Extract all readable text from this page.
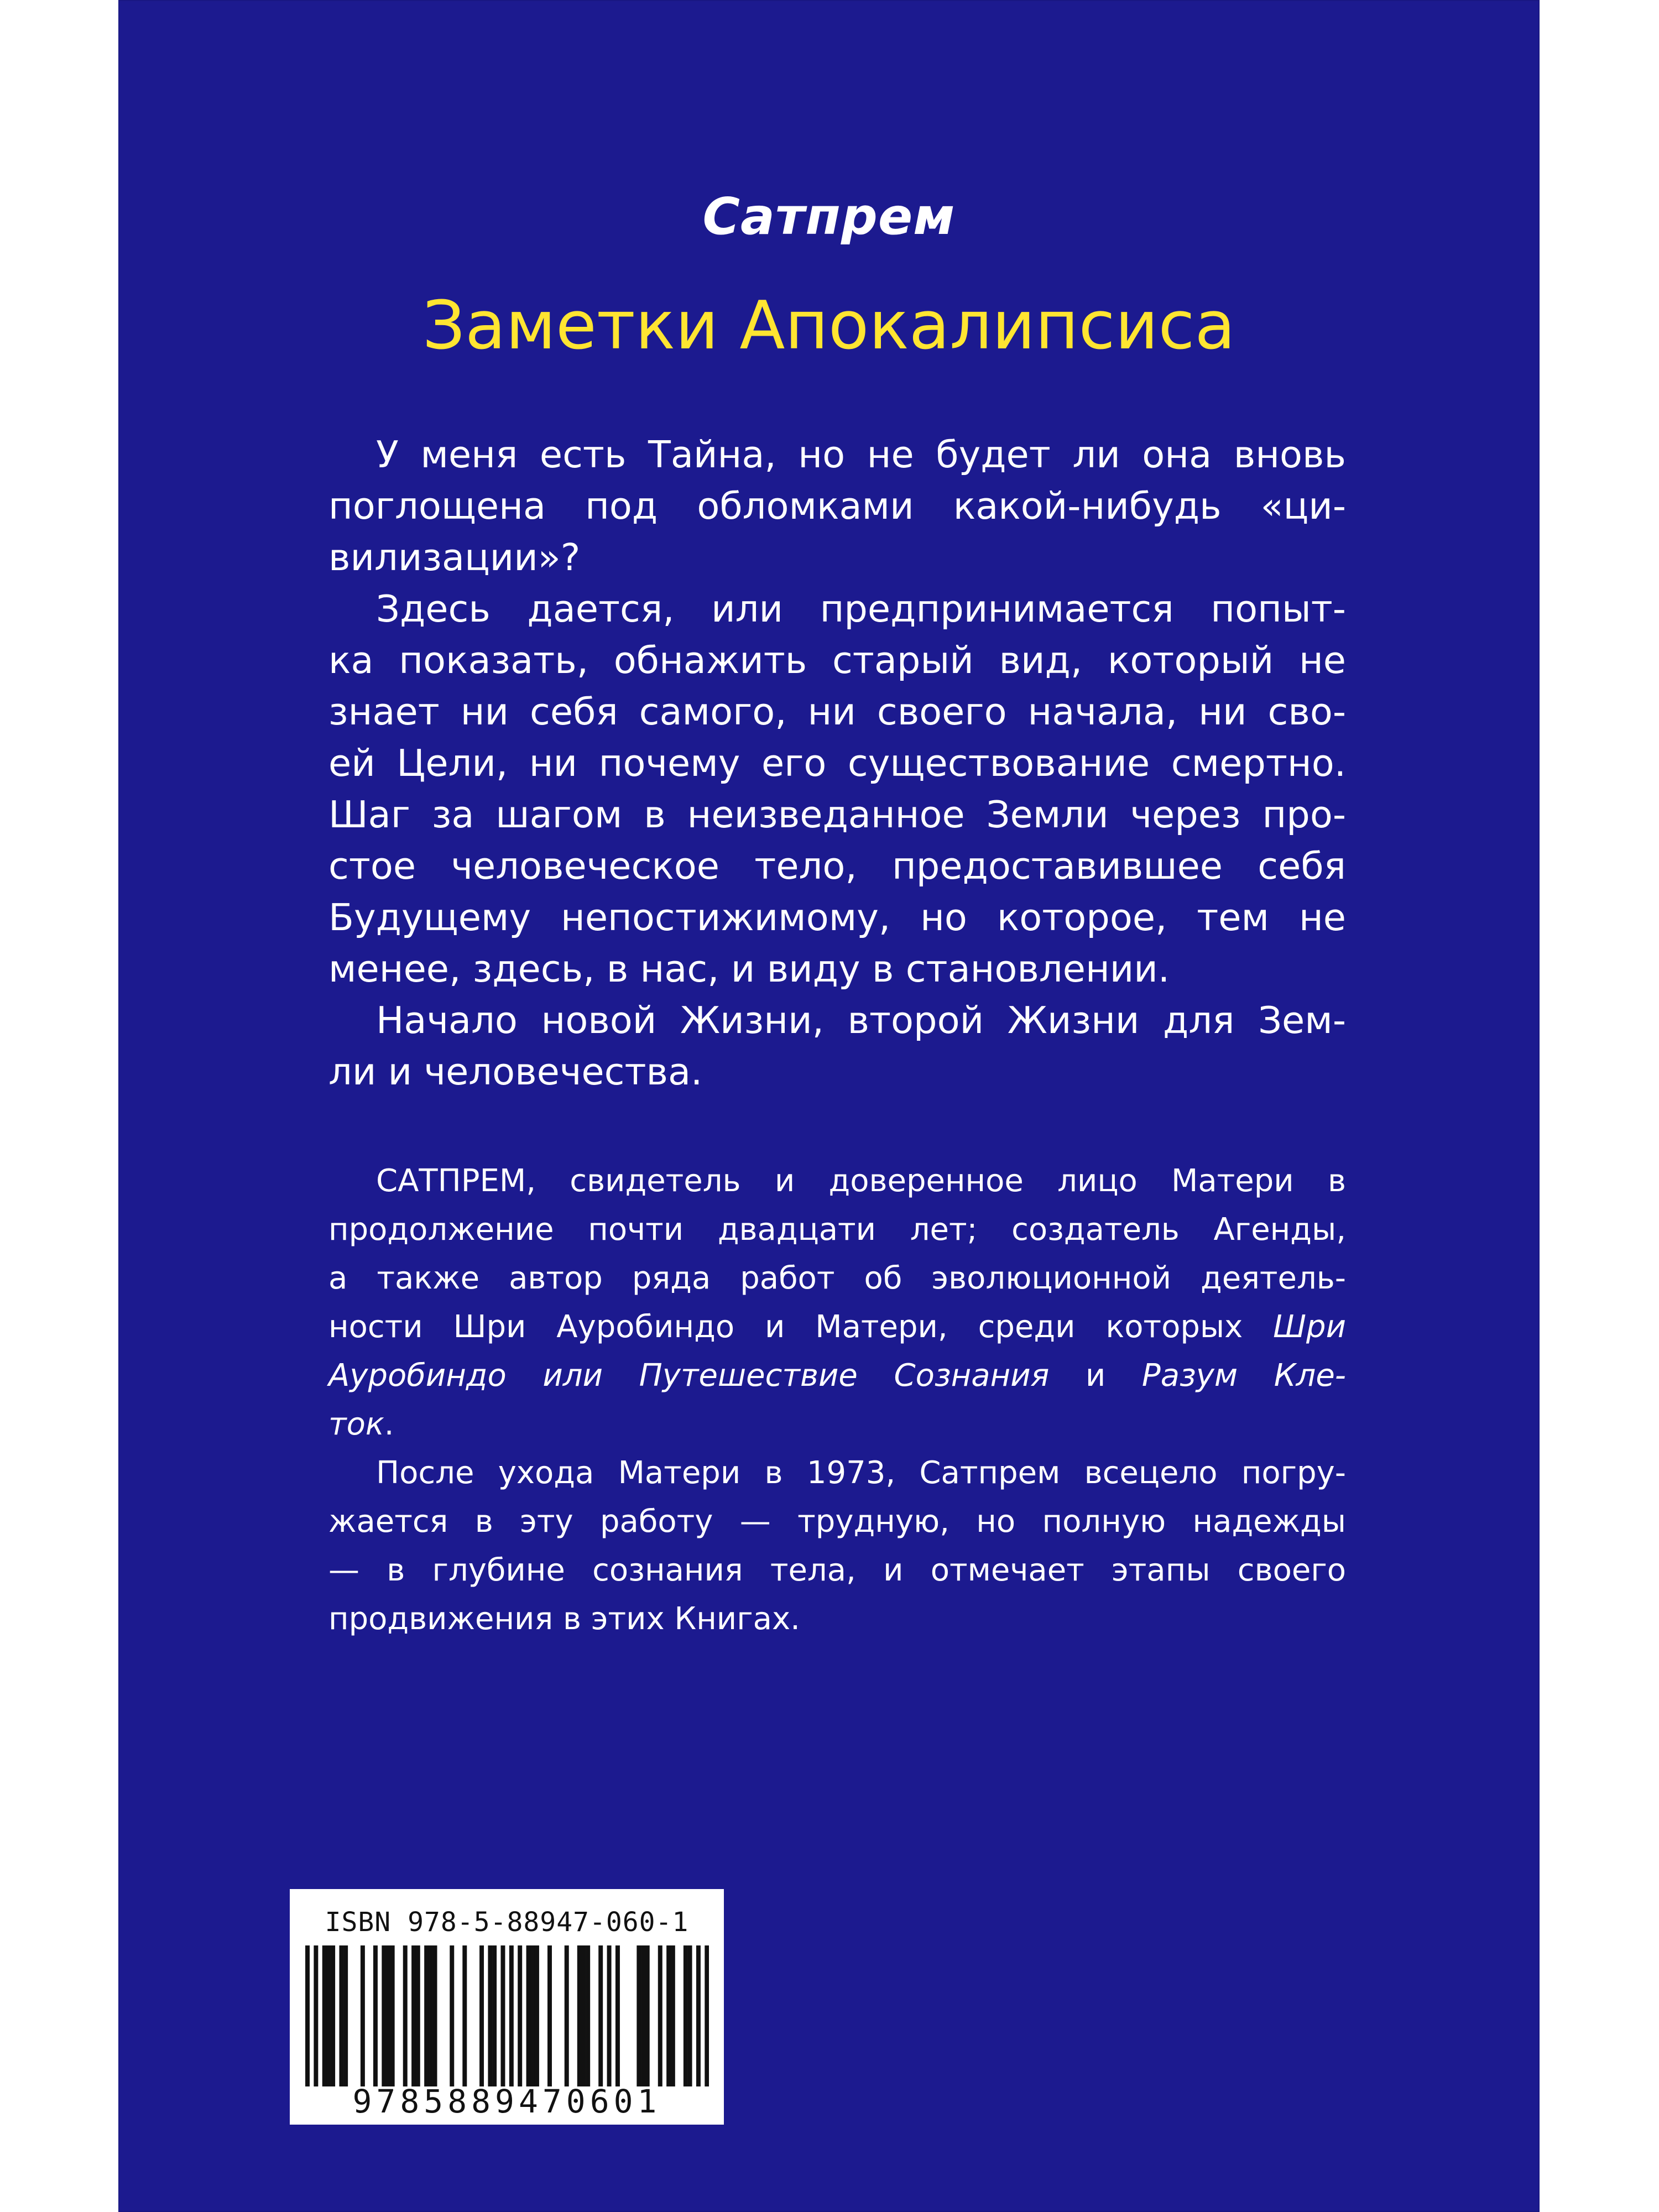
Сатпрем
Заметки Апокалипсиса
У меня есть Тайна, но не будет ли она вновь
поглощена под обломками какой-нибудь «ци-
вилизации»?
Здесь дается, или предпринимается попыт-
ка показать, обнажить старый вид, который не
знает ни себя самого, ни своего начала, ни сво-
ей Цели, ни почему его существование смертно.
Шаг за шагом в неизведанное Земли через про-
стое человеческое тело, предоставившее себя
Будущему непостижимому, но которое, тем не
менее, здесь, в нас, и виду в становлении.
Начало новой Жизни, второй Жизни для Зем-
ли и человечества.
САТПРЕМ, свидетель и доверенное лицо Матери в
продолжение почти двадцати лет; создатель Агенды,
а также автор ряда работ об эволюционной деятель-
ности Шри Ауробиндо и Матери, среди которых Шри
Ауробиндо или Путешествие Сознания и Разум Кле-
ток.
После ухода Матери в 1973, Сатпрем всецело погру-
жается в эту работу — трудную, но полную надежды
— в глубине сознания тела, и отмечает этапы своего
продвижения в этих Книгах.
ISBN 978-5-88947-060-1
9785889470601
